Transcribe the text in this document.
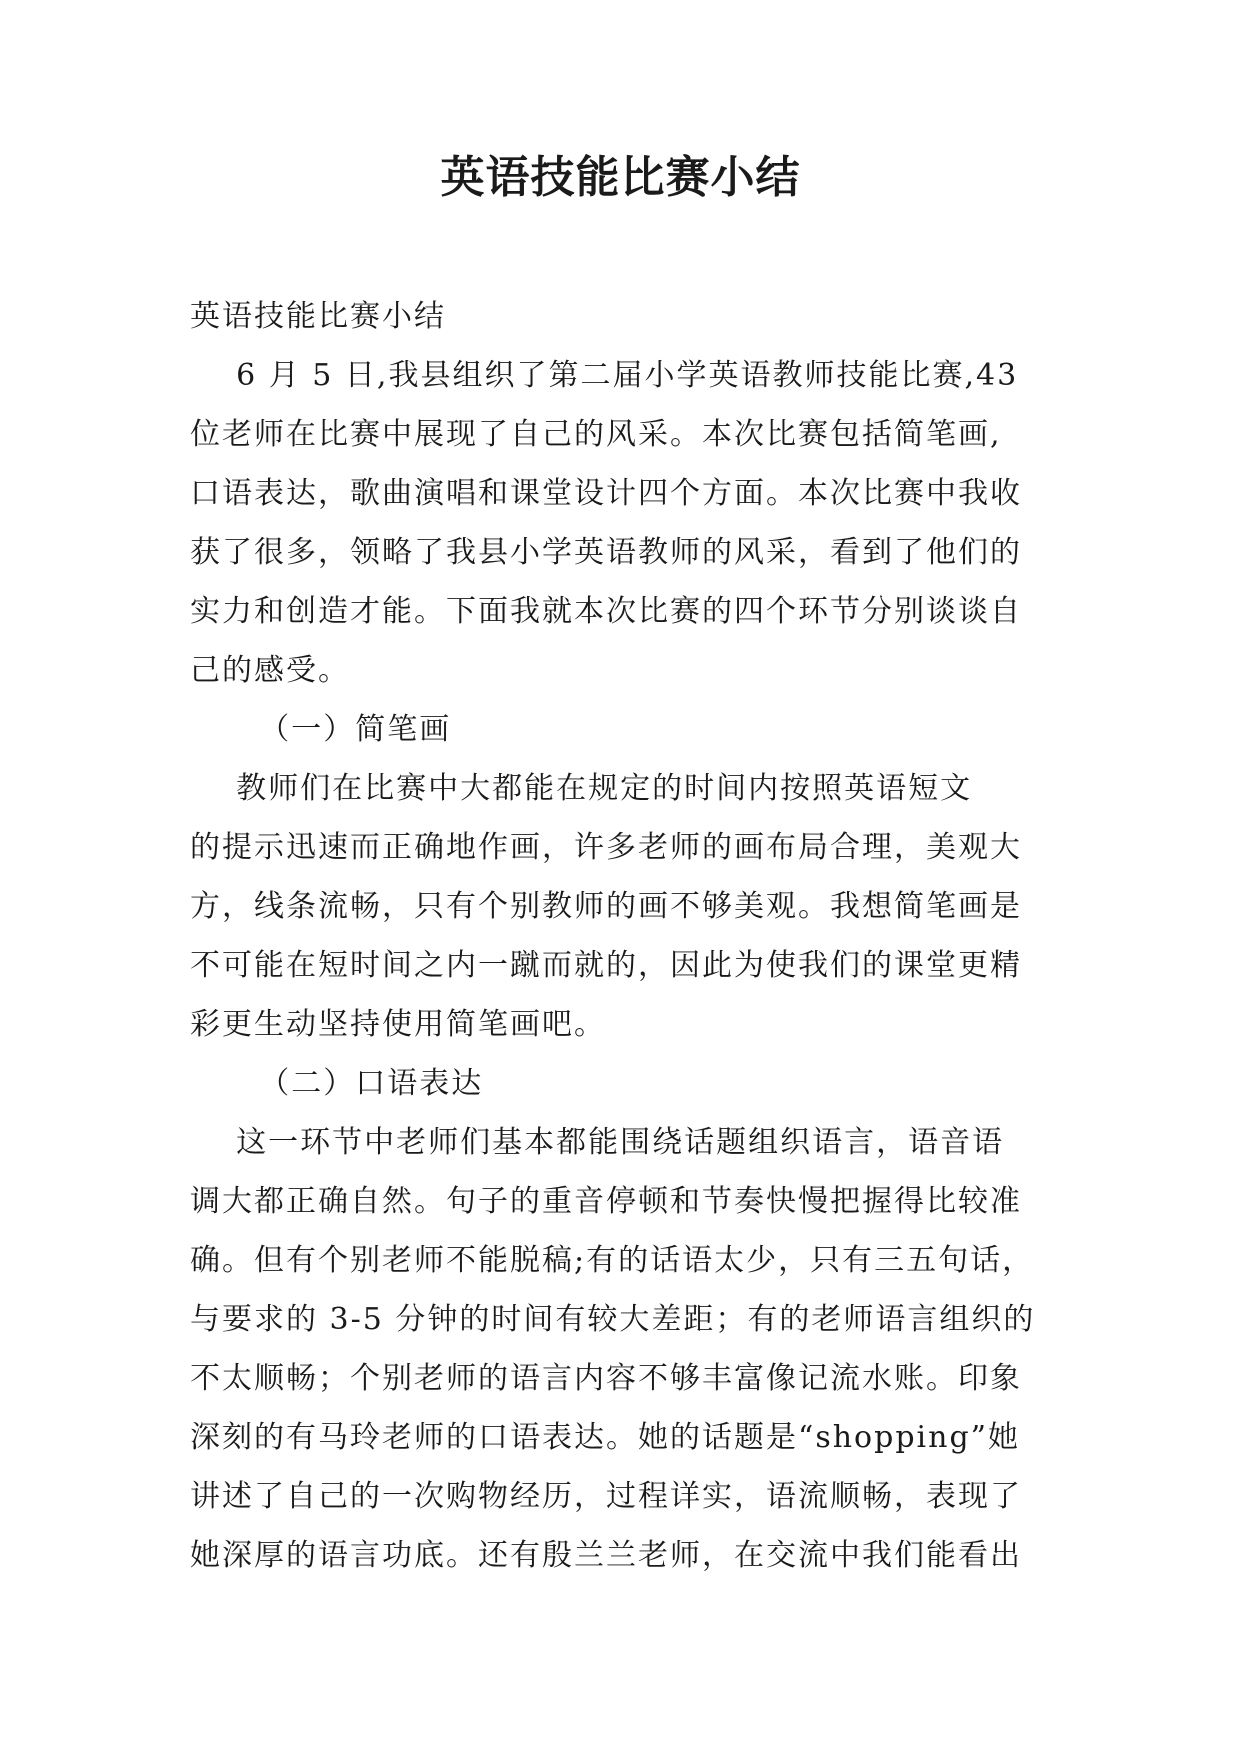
英语技能比赛小结
英语技能比赛小结
6 月 5 日,我县组织了第二届小学英语教师技能比赛,43
位老师在比赛中展现了自己的风采。本次比赛包括简笔画,
口语表达，歌曲演唱和课堂设计四个方面。本次比赛中我收
获了很多，领略了我县小学英语教师的风采，看到了他们的
实力和创造才能。下面我就本次比赛的四个环节分别谈谈自
己的感受。
（一）简笔画
教师们在比赛中大都能在规定的时间内按照英语短文
的提示迅速而正确地作画，许多老师的画布局合理，美观大
方，线条流畅，只有个别教师的画不够美观。我想简笔画是
不可能在短时间之内一蹴而就的，因此为使我们的课堂更精
彩更生动坚持使用简笔画吧。
（二）口语表达
这一环节中老师们基本都能围绕话题组织语言，语音语
调大都正确自然。句子的重音停顿和节奏快慢把握得比较准
确。但有个别老师不能脱稿;有的话语太少，只有三五句话，
与要求的 3-5 分钟的时间有较大差距；有的老师语言组织的
不太顺畅；个别老师的语言内容不够丰富像记流水账。印象
深刻的有马玲老师的口语表达。她的话题是“shopping”她
讲述了自己的一次购物经历，过程详实，语流顺畅，表现了
她深厚的语言功底。还有殷兰兰老师，在交流中我们能看出
